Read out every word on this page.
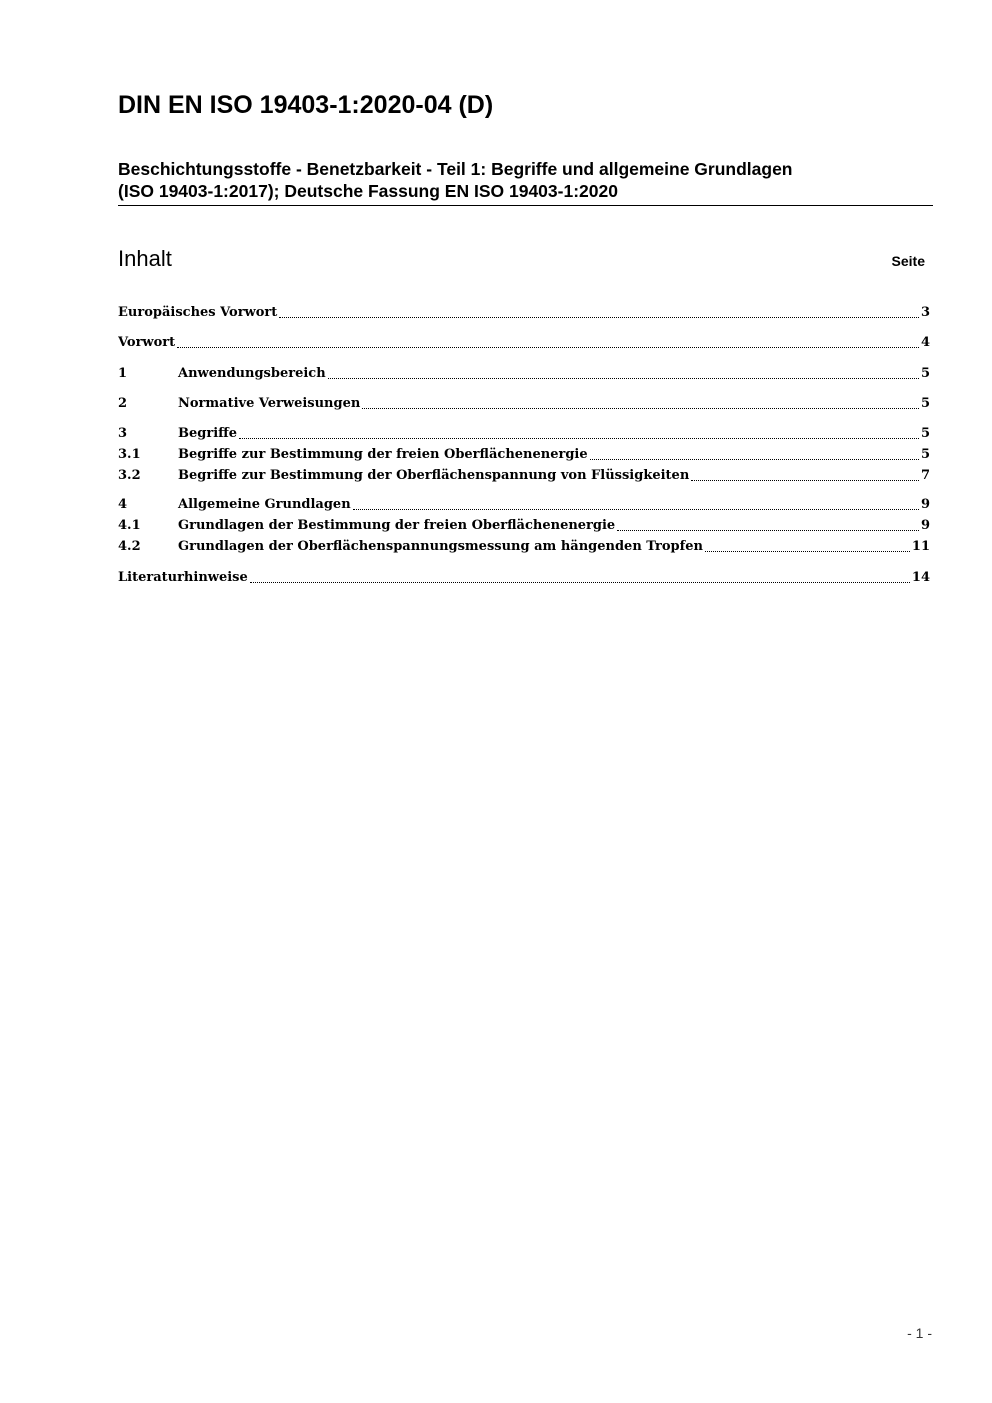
DIN EN ISO 19403-1:2020-04 (D)
Beschichtungsstoffe - Benetzbarkeit - Teil 1: Begriffe und allgemeine Grundlagen
(ISO 19403-1:2017); Deutsche Fassung EN ISO 19403-1:2020
Inhalt	Seite
Europäisches Vorwort	3
Vorwort	4
1	Anwendungsbereich	5
2	Normative Verweisungen	5
3	Begriffe	5
3.1	Begriffe zur Bestimmung der freien Oberflächenenergie	5
3.2	Begriffe zur Bestimmung der Oberflächenspannung von Flüssigkeiten	7
4	Allgemeine Grundlagen	9
4.1	Grundlagen der Bestimmung der freien Oberflächenenergie	9
4.2	Grundlagen der Oberflächenspannungsmessung am hängenden Tropfen	11
Literaturhinweise	14
- 1 -
